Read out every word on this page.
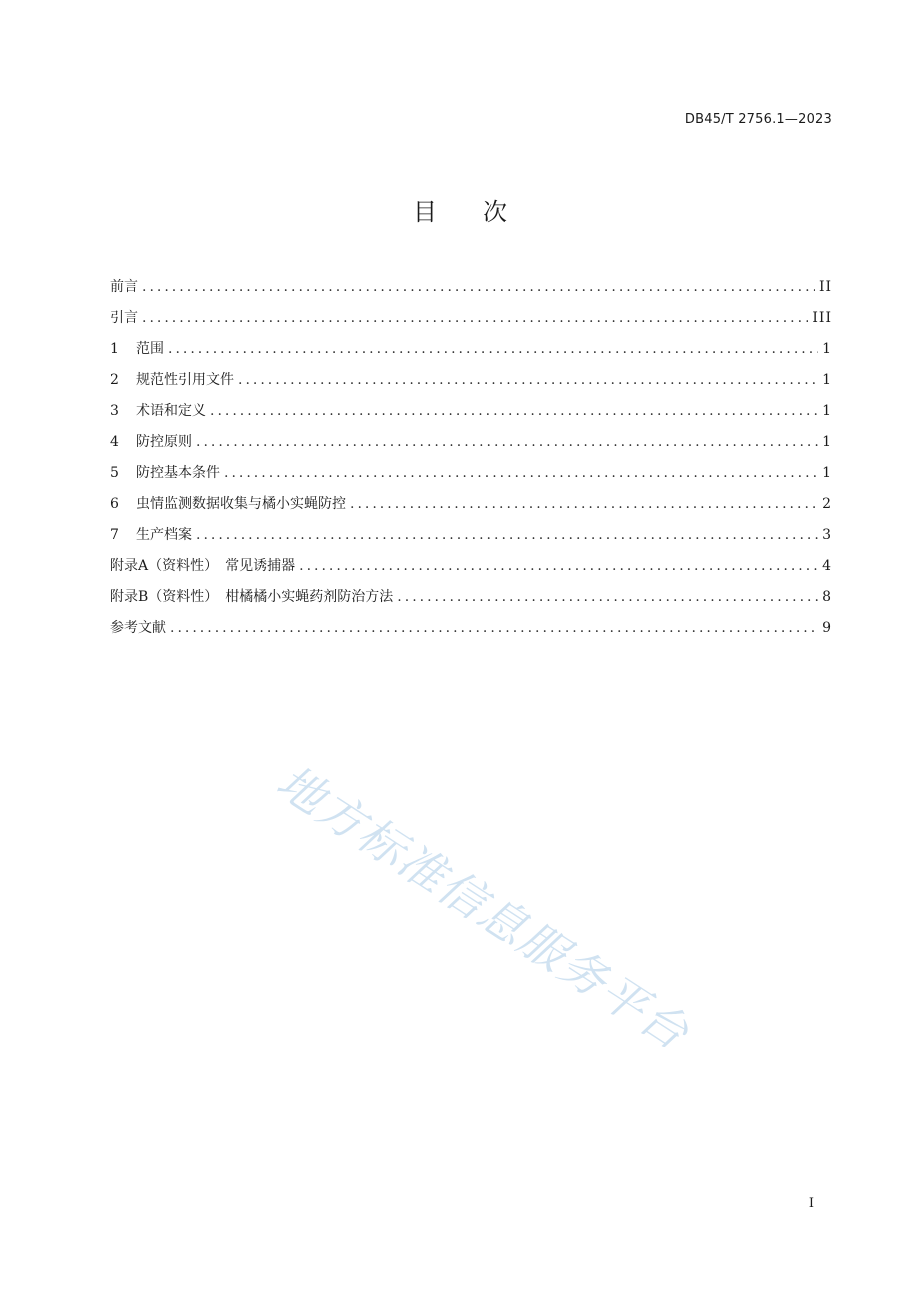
DB45/T 2756.1—2023
目 次
前言 .....	II
引言 .....	III
1	范围 .....	1
2	规范性引用文件 .....	1
3	术语和定义 .....	1
4	防控原则 .....	1
5	防控基本条件 .....	1
6	虫情监测数据收集与橘小实蝇防控 .....	2
7	生产档案 .....	3
附录A（资料性）　常见诱捕器 .....	4
附录B（资料性）　柑橘橘小实蝇药剂防治方法 .....	8
参考文献 .....	9
地方标准信息服务平台
I
